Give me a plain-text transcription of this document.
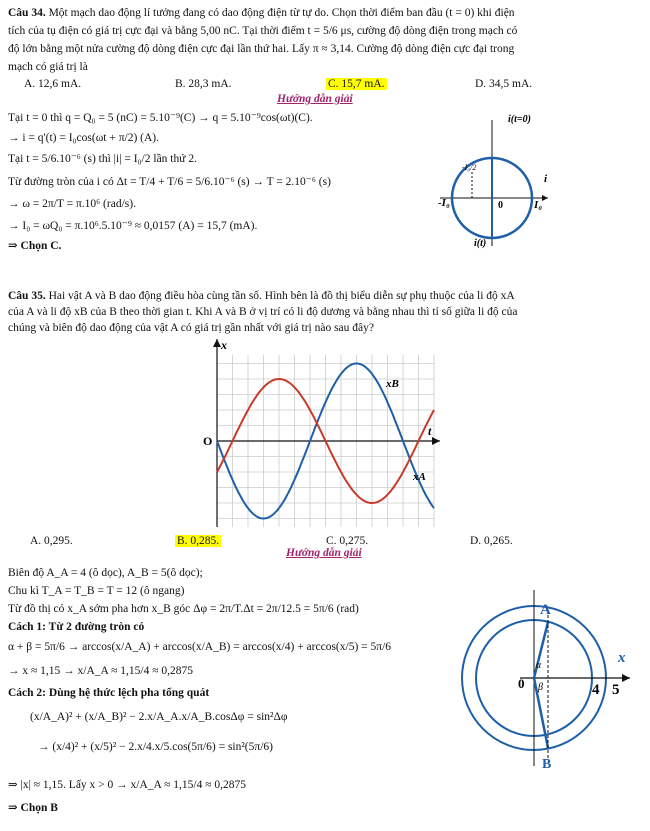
Câu 34. Một mạch dao động lí tưởng đang có dao động điện từ tự do. Chọn thời điểm ban đầu (t = 0) khi điện
tích của tụ điện có giá trị cực đại và bằng 5,00 nC. Tại thời điểm t = 5/6 μs, cường độ dòng điện trong mạch có
độ lớn bằng một nửa cường độ dòng điện cực đại lần thứ hai. Lấy π ≈ 3,14. Cường độ dòng điện cực đại trong
mạch có giá trị là
A. 12,6 mA.	B. 28,3 mA.	C. 15,7 mA.	D. 34,5 mA.
Hướng dẫn giải
Tại t = 0 thì q = Q₀ = 5 (nC) = 5.10⁻⁹(C) → q = 5.10⁻⁹cos(ωt)(C).
→ i = q'(t) = I₀cos(ωt + π/2) (A).
Tại t = 5/6.10⁻⁶ (s) thì |i| = I₀/2 lần thứ 2.
Từ đường tròn của i có Δt = T/4 + T/6 = 5/6.10⁻⁶ (s) → T = 2.10⁻⁶ (s)
→ ω = 2π/T = π.10⁶ (rad/s).
→ I₀ = ωQ₀ = π.10⁶.5.10⁻⁹ ≈ 0,0157 (A) = 15,7 (mA).
⇒ Chọn C.
i(t=0)
-I₀/2
i
-I₀	0	I₀
i(t)
Câu 35. Hai vật A và B dao động điều hòa cùng tần số. Hình bên là đồ thị biểu diễn sự phụ thuộc của li độ xA
của A và li độ xB của B theo thời gian t. Khi A và B ở vị trí có li độ dương và bằng nhau thì tỉ số giữa li độ của
chúng và biên độ dao động của vật A có giá trị gần nhất với giá trị nào sau đây?
x
O
t
xB
xA
A. 0,295.	B. 0,285.	C. 0,275.	D. 0,265.
Hướng dẫn giải
Biên độ A_A = 4 (ô dọc), A_B = 5(ô dọc);
Chu kì T_A = T_B = T = 12 (ô ngang)
Từ đồ thị có x_A sớm pha hơn x_B góc Δφ = 2π/T.Δt = 2π/12.5 = 5π/6 (rad)
Cách 1: Từ 2 đường tròn có
α + β = 5π/6 → arccos(x/A_A) + arccos(x/A_B) = arccos(x/4) + arccos(x/5) = 5π/6
→ x ≈ 1,15 → x/A_A ≈ 1,15/4 ≈ 0,2875
Cách 2: Dùng hệ thức lệch pha tổng quát
(x/A_A)² + (x/A_B)² − 2.x/A_A.x/A_B.cosΔφ = sin²Δφ
→ (x/4)² + (x/5)² − 2.x/4.x/5.cos(5π/6) = sin²(5π/6)
⇒ |x| ≈ 1,15. Lấy x > 0 → x/A_A ≈ 1,15/4 ≈ 0,2875
⇒ Chọn B
A
B
x
0	4 5
α
β
